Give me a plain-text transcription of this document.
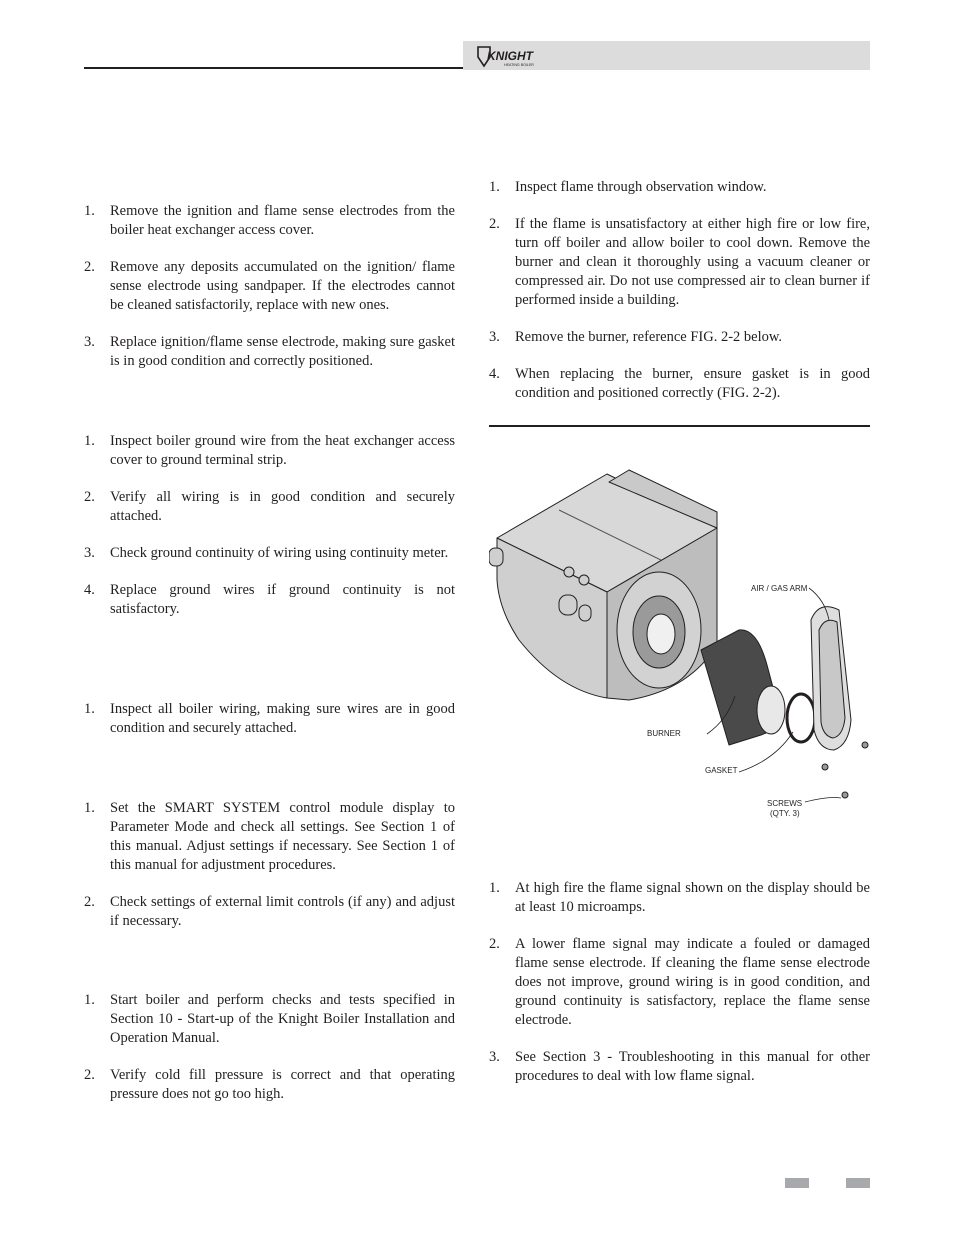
KNIGHT
HEATING BOILER
1. Remove the ignition and flame sense electrodes from the boiler heat exchanger access cover.
2. Remove any deposits accumulated on the ignition/ flame sense electrode using sandpaper. If the electrodes cannot be cleaned satisfactorily, replace with new ones.
3. Replace ignition/flame sense electrode, making sure gasket is in good condition and correctly positioned.
1. Inspect boiler ground wire from the heat exchanger access cover to ground terminal strip.
2. Verify all wiring is in good condition and securely attached.
3. Check ground continuity of wiring using continuity meter.
4. Replace ground wires if ground continuity is not satisfactory.
1. Inspect all boiler wiring, making sure wires are in good condition and securely attached.
1. Set the SMART SYSTEM control module display to Parameter Mode and check all settings. See Section 1 of this manual. Adjust settings if necessary. See Section 1 of this manual for adjustment procedures.
2. Check settings of external limit controls (if any) and adjust if necessary.
1. Start boiler and perform checks and tests specified in Section 10 - Start-up of the Knight Boiler Installation and Operation Manual.
2. Verify cold fill pressure is correct and that operating pressure does not go too high.
1. Inspect flame through observation window.
2. If the flame is unsatisfactory at either high fire or low fire, turn off boiler and allow boiler to cool down. Remove the burner and clean it thoroughly using a vacuum cleaner or compressed air. Do not use compressed air to clean burner if performed inside a building.
3. Remove the burner, reference FIG. 2-2 below.
4. When replacing the burner, ensure gasket is in good condition and positioned correctly (FIG. 2-2).
AIR / GAS ARM
BURNER
GASKET
SCREWS
(QTY. 3)
1. At high fire the flame signal shown on the display should be at least 10 microamps.
2. A lower flame signal may indicate a fouled or damaged flame sense electrode. If cleaning the flame sense electrode does not improve, ground wiring is in good condition, and ground continuity is satisfactory, replace the flame sense electrode.
3. See Section 3 - Troubleshooting in this manual for other procedures to deal with low flame signal.
